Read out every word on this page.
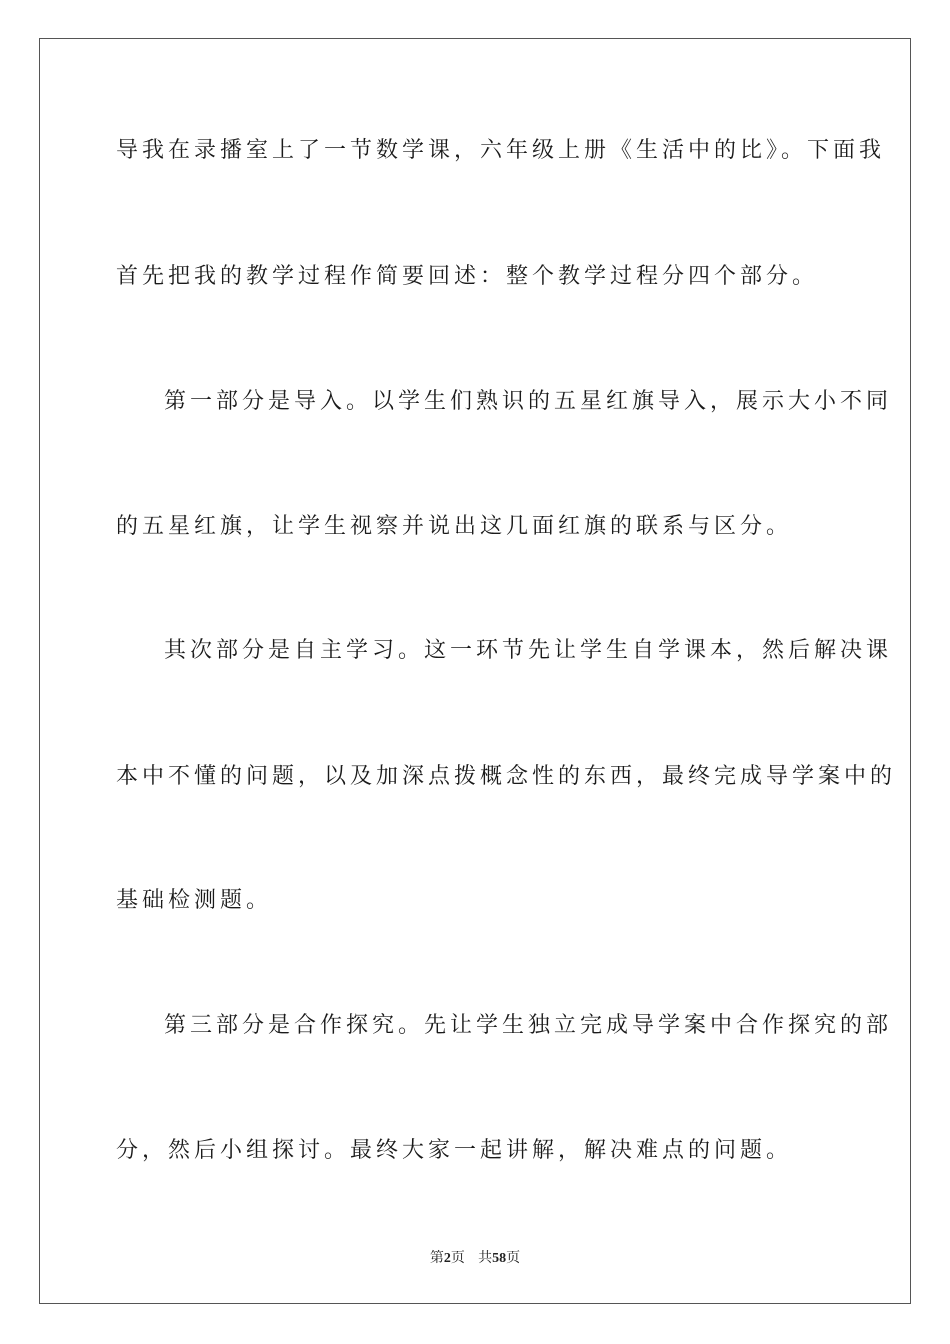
导我在录播室上了一节数学课，六年级上册《生活中的比》。下面我
首先把我的教学过程作简要回述：整个教学过程分四个部分。
第一部分是导入。以学生们熟识的五星红旗导入，展示大小不同
的五星红旗，让学生视察并说出这几面红旗的联系与区分。
其次部分是自主学习。这一环节先让学生自学课本，然后解决课
本中不懂的问题，以及加深点拨概念性的东西，最终完成导学案中的
基础检测题。
第三部分是合作探究。先让学生独立完成导学案中合作探究的部
分，然后小组探讨。最终大家一起讲解，解决难点的问题。
第2页 共58页
